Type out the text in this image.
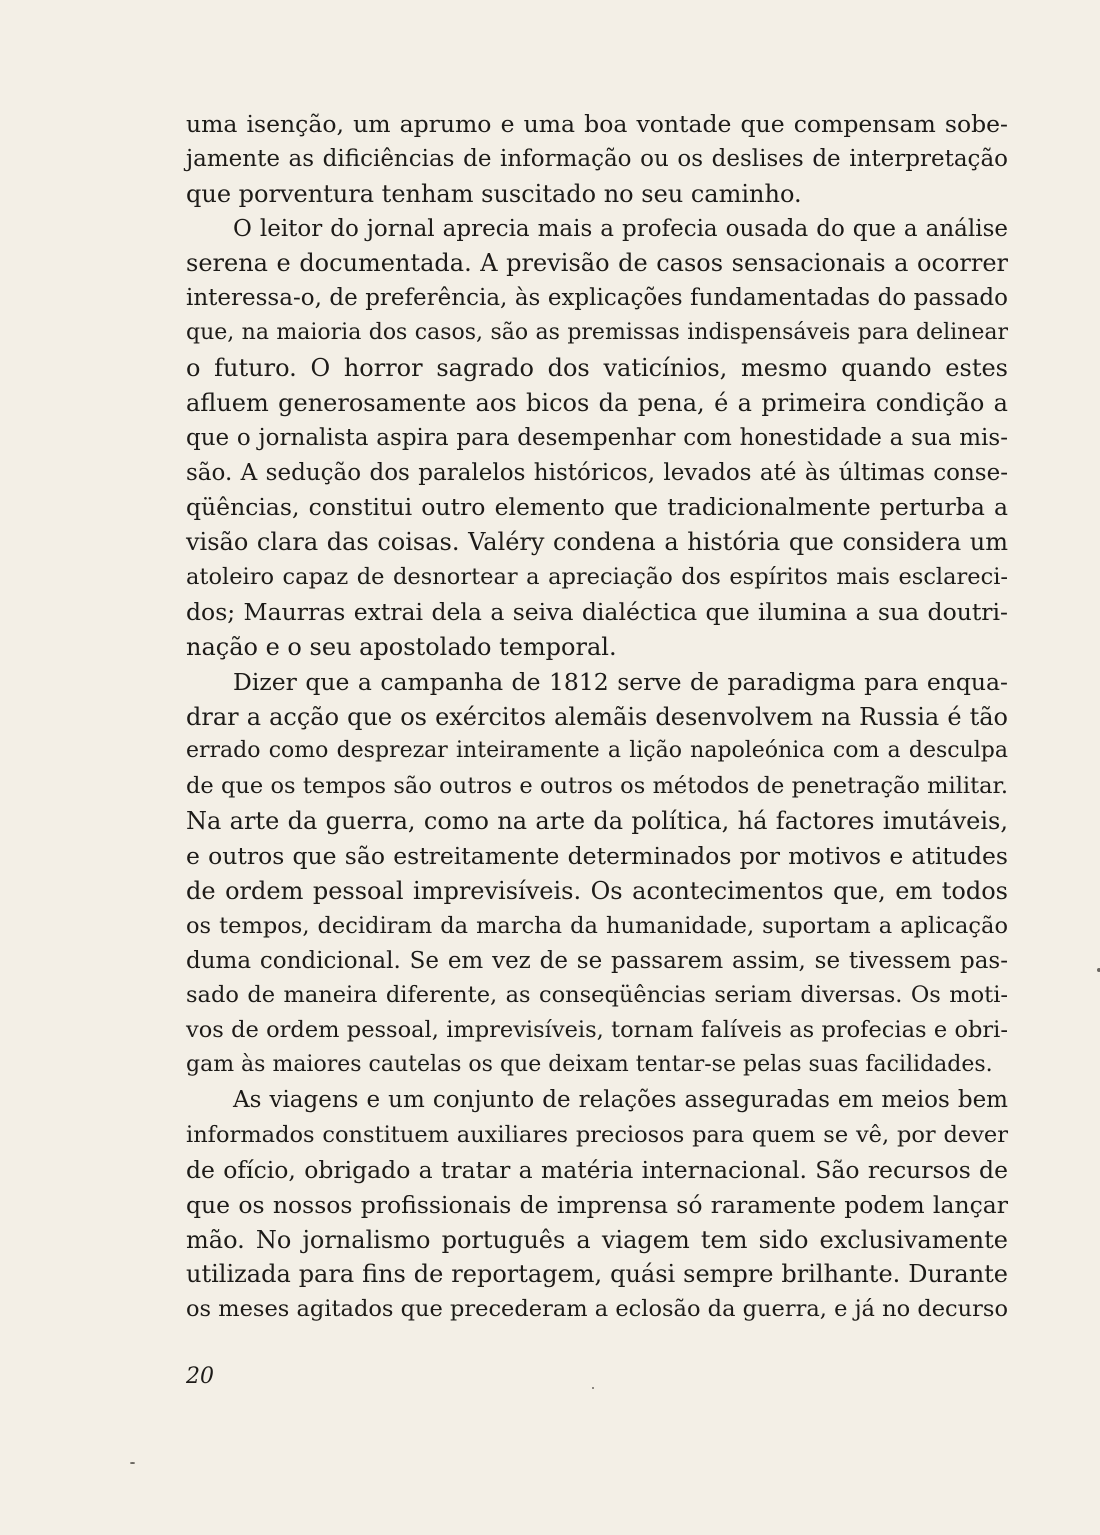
uma isenção, um aprumo e uma boa vontade que compensam sobe-
jamente as dificiências de informação ou os deslises de interpretação
que porventura tenham suscitado no seu caminho.
O leitor do jornal aprecia mais a profecia ousada do que a análise
serena e documentada. A previsão de casos sensacionais a ocorrer
interessa-o, de preferência, às explicações fundamentadas do passado
que, na maioria dos casos, são as premissas indispensáveis para delinear
o futuro. O horror sagrado dos vaticínios, mesmo quando estes
afluem generosamente aos bicos da pena, é a primeira condição a
que o jornalista aspira para desempenhar com honestidade a sua mis-
são. A sedução dos paralelos históricos, levados até às últimas conse-
qüências, constitui outro elemento que tradicionalmente perturba a
visão clara das coisas. Valéry condena a história que considera um
atoleiro capaz de desnortear a apreciação dos espíritos mais esclareci-
dos; Maurras extrai dela a seiva dialéctica que ilumina a sua doutri-
nação e o seu apostolado temporal.
Dizer que a campanha de 1812 serve de paradigma para enqua-
drar a acção que os exércitos alemãis desenvolvem na Russia é tão
errado como desprezar inteiramente a lição napoleónica com a desculpa
de que os tempos são outros e outros os métodos de penetração militar.
Na arte da guerra, como na arte da política, há factores imutáveis,
e outros que são estreitamente determinados por motivos e atitudes
de ordem pessoal imprevisíveis. Os acontecimentos que, em todos
os tempos, decidiram da marcha da humanidade, suportam a aplicação
duma condicional. Se em vez de se passarem assim, se tivessem pas-
sado de maneira diferente, as conseqüências seriam diversas. Os moti-
vos de ordem pessoal, imprevisíveis, tornam falíveis as profecias e obri-
gam às maiores cautelas os que deixam tentar-se pelas suas facilidades.
As viagens e um conjunto de relações asseguradas em meios bem
informados constituem auxiliares preciosos para quem se vê, por dever
de ofício, obrigado a tratar a matéria internacional. São recursos de
que os nossos profissionais de imprensa só raramente podem lançar
mão. No jornalismo português a viagem tem sido exclusivamente
utilizada para fins de reportagem, quási sempre brilhante. Durante
os meses agitados que precederam a eclosão da guerra, e já no decurso
20
